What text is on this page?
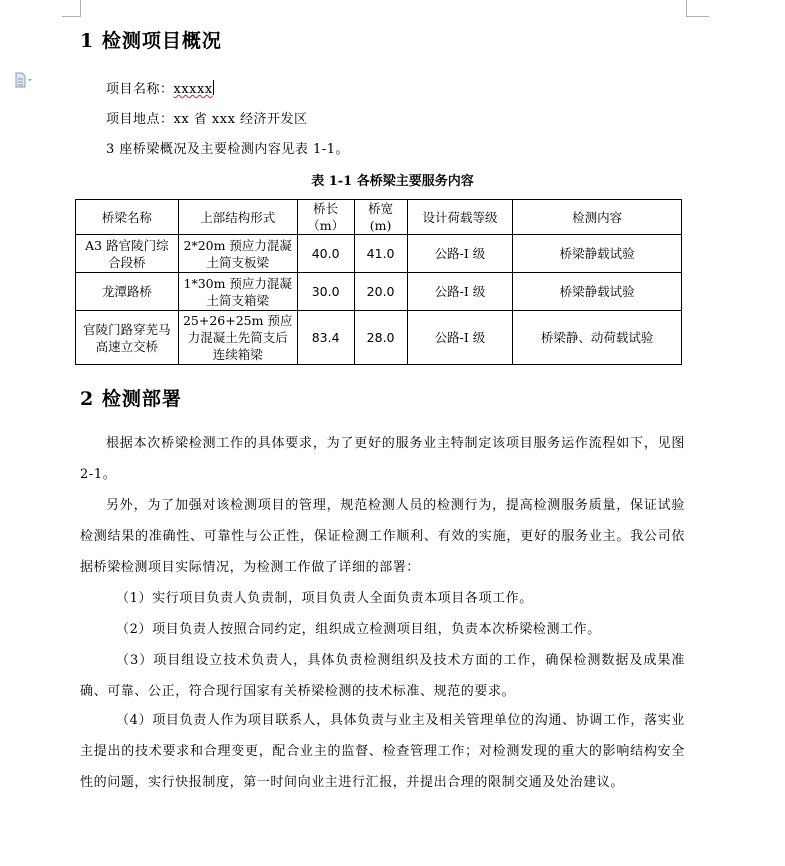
1 检测项目概况

项目名称：xxxxx

项目地点：xx 省 xxx 经济开发区

3 座桥梁概况及主要检测内容见表 1-1。

表 1-1 各桥梁主要服务内容

桥梁名称	上部结构形式	桥长（m）	桥宽(m)	设计荷载等级	检测内容
A3 路官陵门综合段桥	2*20m 预应力混凝土简支板梁	40.0	41.0	公路-I 级	桥梁静载试验
龙潭路桥	1*30m 预应力混凝土简支箱梁	30.0	20.0	公路-I 级	桥梁静载试验
官陵门路穿芜马高速立交桥	25+26+25m 预应力混凝土先简支后连续箱梁	83.4	28.0	公路-I 级	桥梁静、动荷载试验
2 检测部署

根据本次桥梁检测工作的具体要求，为了更好的服务业主特制定该项目服务运作流程如下，见图 2-1。

另外，为了加强对该检测项目的管理，规范检测人员的检测行为，提高检测服务质量，保证试验检测结果的准确性、可靠性与公正性，保证检测工作顺利、有效的实施，更好的服务业主。我公司依据桥梁检测项目实际情况，为检测工作做了详细的部署：

（1）实行项目负责人负责制，项目负责人全面负责本项目各项工作。

（2）项目负责人按照合同约定，组织成立检测项目组，负责本次桥梁检测工作。

（3）项目组设立技术负责人，具体负责检测组织及技术方面的工作，确保检测数据及成果准确、可靠、公正，符合现行国家有关桥梁检测的技术标准、规范的要求。

（4）项目负责人作为项目联系人，具体负责与业主及相关管理单位的沟通、协调工作，落实业主提出的技术要求和合理变更，配合业主的监督、检查管理工作；对检测发现的重大的影响结构安全性的问题，实行快报制度，第一时间向业主进行汇报，并提出合理的限制交通及处治建议。
